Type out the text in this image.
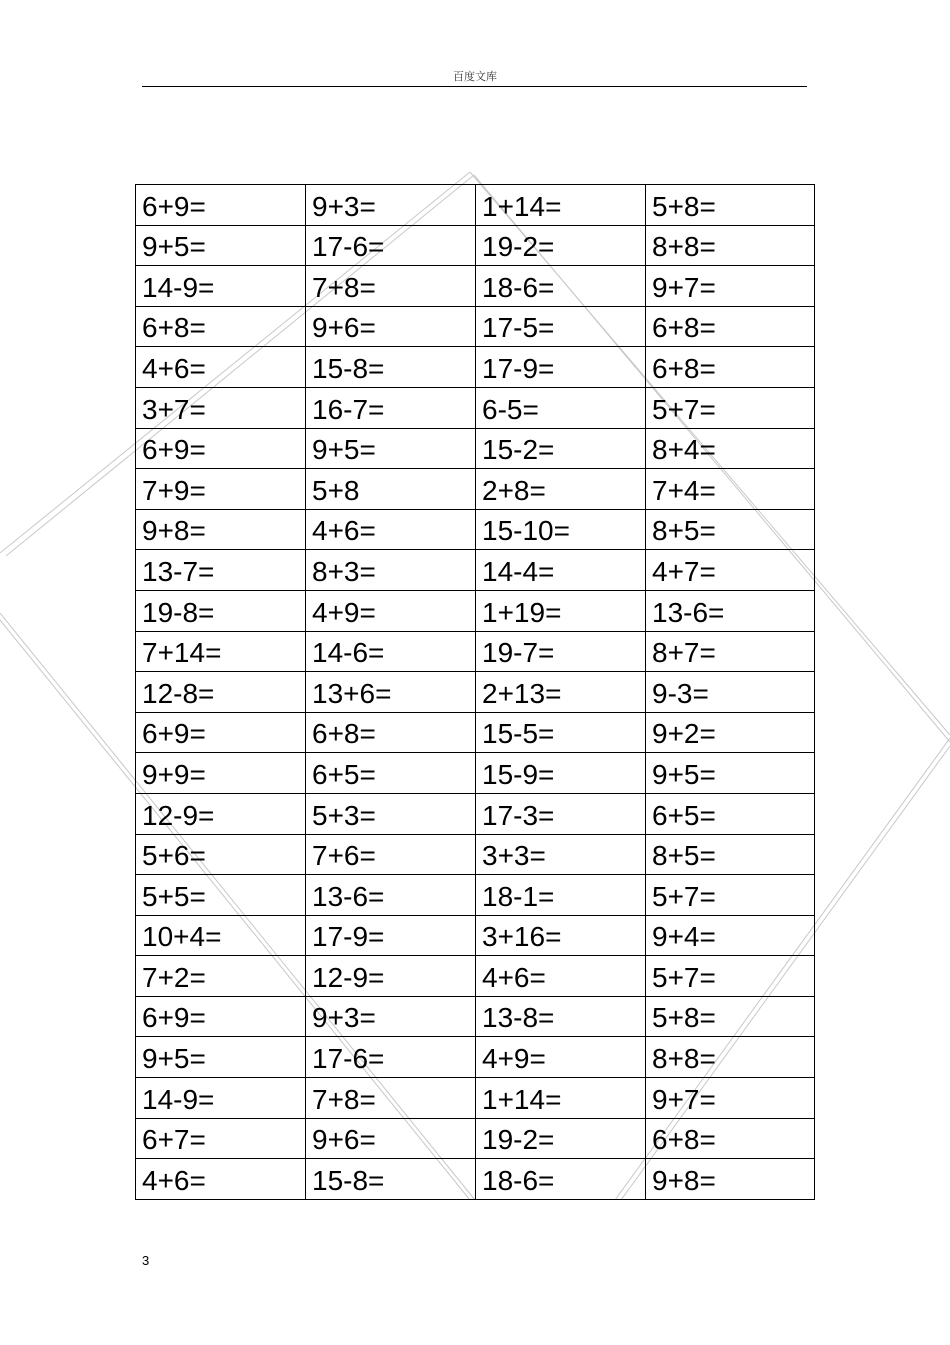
百度文库
6+9=	9+3=	1+14=	5+8=

9+5=	17-6=	19-2=	8+8=

14-9=	7+8=	18-6=	9+7=

6+8=	9+6=	17-5=	6+8=

4+6=	15-8=	17-9=	6+8=

3+7=	16-7=	6-5=	5+7=

6+9=	9+5=	15-2=	8+4=

7+9=	5+8	2+8=	7+4=

9+8=	4+6=	15-10=	8+5=

13-7=	8+3=	14-4=	4+7=

19-8=	4+9=	1+19=	13-6=

7+14=	14-6=	19-7=	8+7=

12-8=	13+6=	2+13=	9-3=

6+9=	6+8=	15-5=	9+2=

9+9=	6+5=	15-9=	9+5=

12-9=	5+3=	17-3=	6+5=

5+6=	7+6=	3+3=	8+5=

5+5=	13-6=	18-1=	5+7=

10+4=	17-9=	3+16=	9+4=

7+2=	12-9=	4+6=	5+7=

6+9=	9+3=	13-8=	5+8=

9+5=	17-6=	4+9=	8+8=

14-9=	7+8=	1+14=	9+7=

6+7=	9+6=	19-2=	6+8=

4+6=	15-8=	18-6=	9+8=
3
